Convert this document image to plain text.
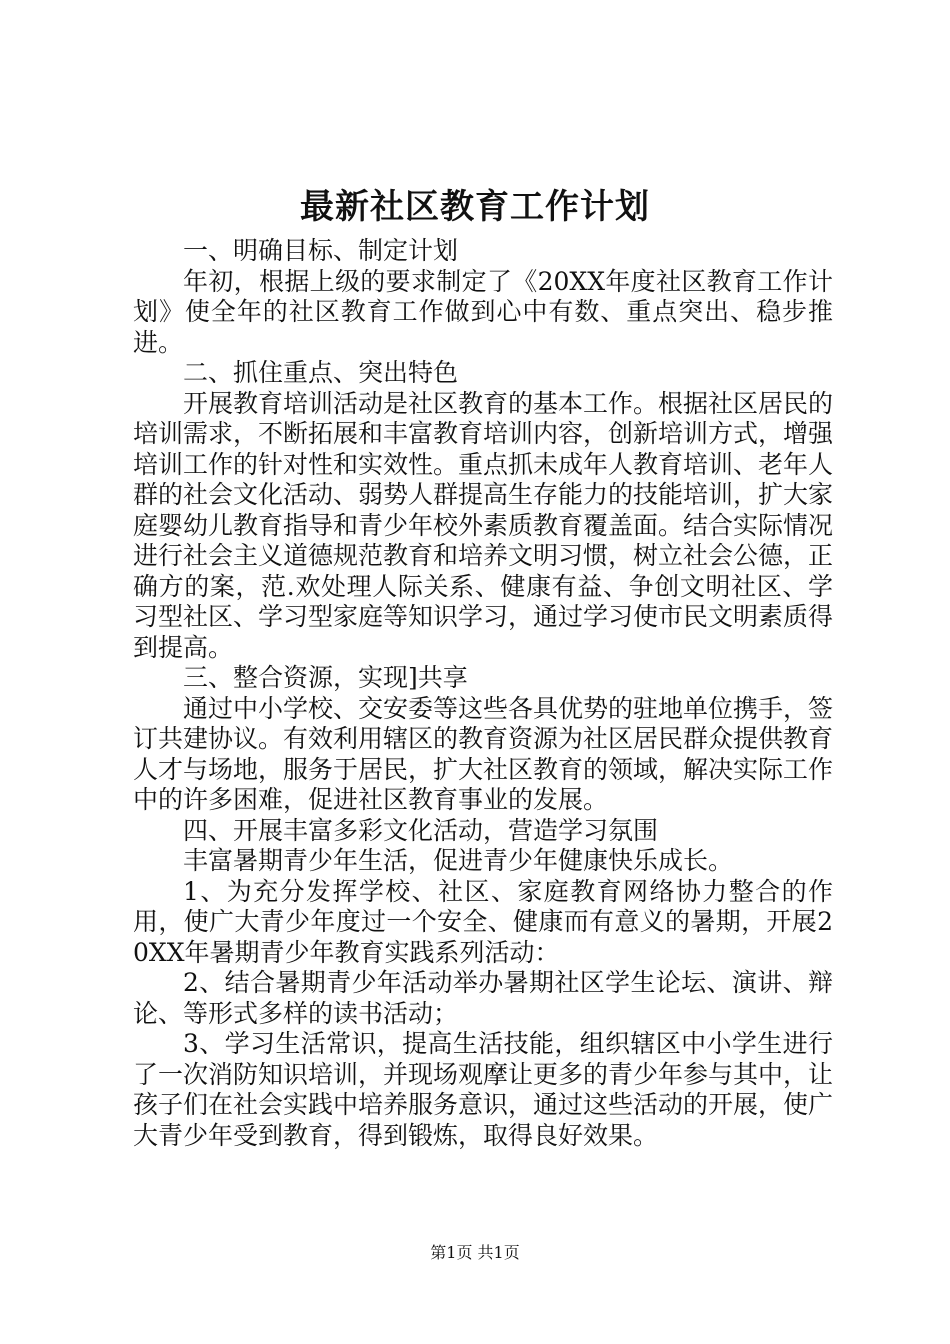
最新社区教育工作计划

一、明确目标、制定计划

年初，根据上级的要求制定了《20XX年度社区教育工作计划》使全年的社区教育工作做到心中有数、重点突出、稳步推进。

二、抓住重点、突出特色

开展教育培训活动是社区教育的基本工作。根据社区居民的培训需求，不断拓展和丰富教育培训内容，创新培训方式，增强培训工作的针对性和实效性。重点抓未成年人教育培训、老年人群的社会文化活动、弱势人群提高生存能力的技能培训，扩大家庭婴幼儿教育指导和青少年校外素质教育覆盖面。结合实际情况进行社会主义道德规范教育和培养文明习惯，树立社会公德，正确方的案，范.欢处理人际关系、健康有益、争创文明社区、学习型社区、学习型家庭等知识学习，通过学习使市民文明素质得到提高。

三、整合资源，实现]共享

通过中小学校、交安委等这些各具优势的驻地单位携手，签订共建协议。有效利用辖区的教育资源为社区居民群众提供教育人才与场地，服务于居民，扩大社区教育的领域，解决实际工作中的许多困难，促进社区教育事业的发展。

四、开展丰富多彩文化活动，营造学习氛围

丰富暑期青少年生活，促进青少年健康快乐成长。

1、为充分发挥学校、社区、家庭教育网络协力整合的作用，使广大青少年度过一个安全、健康而有意义的暑期，开展20XX年暑期青少年教育实践系列活动：

2、结合暑期青少年活动举办暑期社区学生论坛、演讲、辩论、等形式多样的读书活动；

3、学习生活常识，提高生活技能，组织辖区中小学生进行了一次消防知识培训，并现场观摩让更多的青少年参与其中，让孩子们在社会实践中培养服务意识，通过这些活动的开展，使广大青少年受到教育，得到锻炼，取得良好效果。

第1页 共1页
